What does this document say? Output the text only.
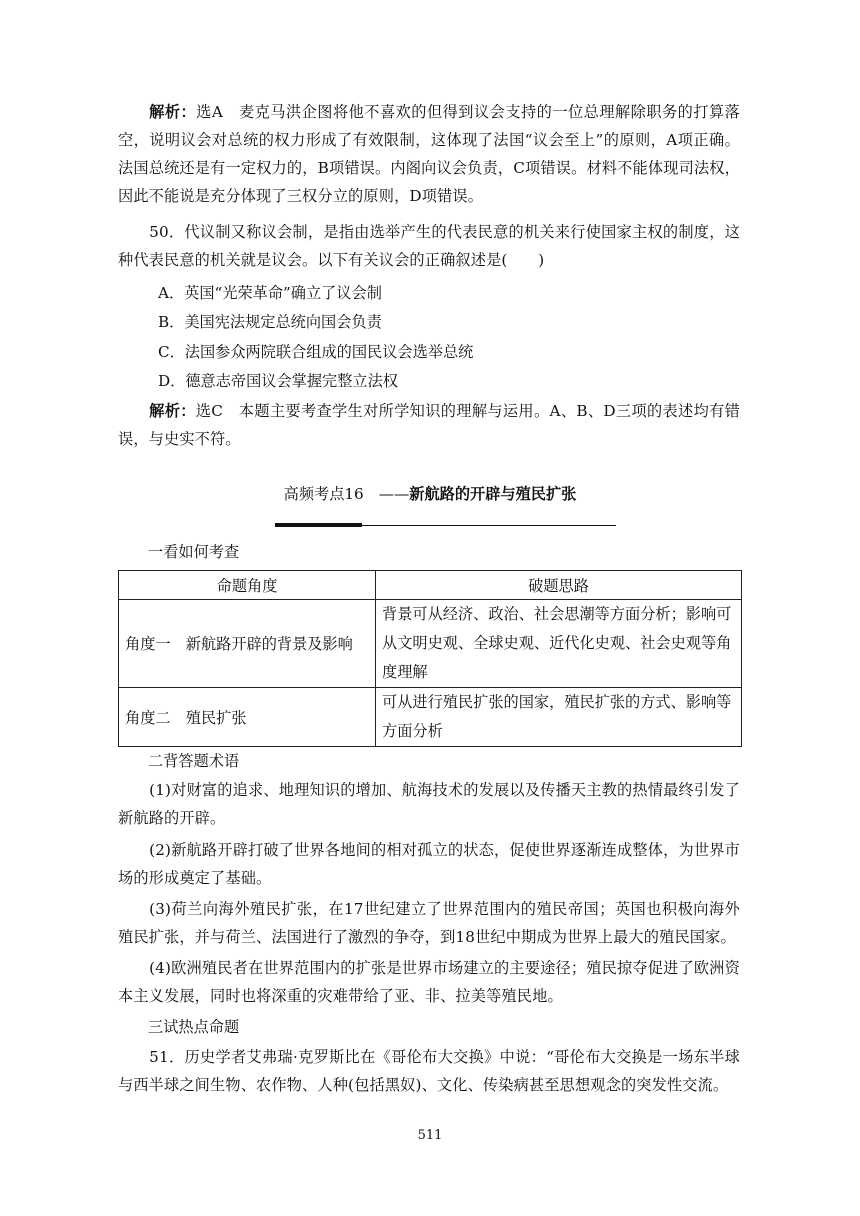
解析：选A　麦克马洪企图将他不喜欢的但得到议会支持的一位总理解除职务的打算落空，说明议会对总统的权力形成了有效限制，这体现了法国“议会至上”的原则，A项正确。法国总统还是有一定权力的，B项错误。内阁向议会负责，C项错误。材料不能体现司法权，因此不能说是充分体现了三权分立的原则，D项错误。
50．代议制又称议会制，是指由选举产生的代表民意的机关来行使国家主权的制度，这种代表民意的机关就是议会。以下有关议会的正确叙述是(　　)
A．英国“光荣革命”确立了议会制
B．美国宪法规定总统向国会负责
C．法国参众两院联合组成的国民议会选举总统
D．德意志帝国议会掌握完整立法权
解析：选C　本题主要考查学生对所学知识的理解与运用。A、B、D三项的表述均有错误，与史实不符。
高频考点16　——新航路的开辟与殖民扩张
一看如何考查
命题角度	破题思路
角度一　新航路开辟的背景及影响	背景可从经济、政治、社会思潮等方面分析；影响可从文明史观、全球史观、近代化史观、社会史观等角度理解
角度二　殖民扩张	可从进行殖民扩张的国家，殖民扩张的方式、影响等方面分析
二背答题术语
(1)对财富的追求、地理知识的增加、航海技术的发展以及传播天主教的热情最终引发了新航路的开辟。
(2)新航路开辟打破了世界各地间的相对孤立的状态，促使世界逐渐连成整体，为世界市场的形成奠定了基础。
(3)荷兰向海外殖民扩张，在17世纪建立了世界范围内的殖民帝国；英国也积极向海外殖民扩张，并与荷兰、法国进行了激烈的争夺，到18世纪中期成为世界上最大的殖民国家。
(4)欧洲殖民者在世界范围内的扩张是世界市场建立的主要途径；殖民掠夺促进了欧洲资本主义发展，同时也将深重的灾难带给了亚、非、拉美等殖民地。
三试热点命题
51．历史学者艾弗瑞·克罗斯比在《哥伦布大交换》中说：“哥伦布大交换是一场东半球与西半球之间生物、农作物、人种(包括黑奴)、文化、传染病甚至思想观念的突发性交流。
511
